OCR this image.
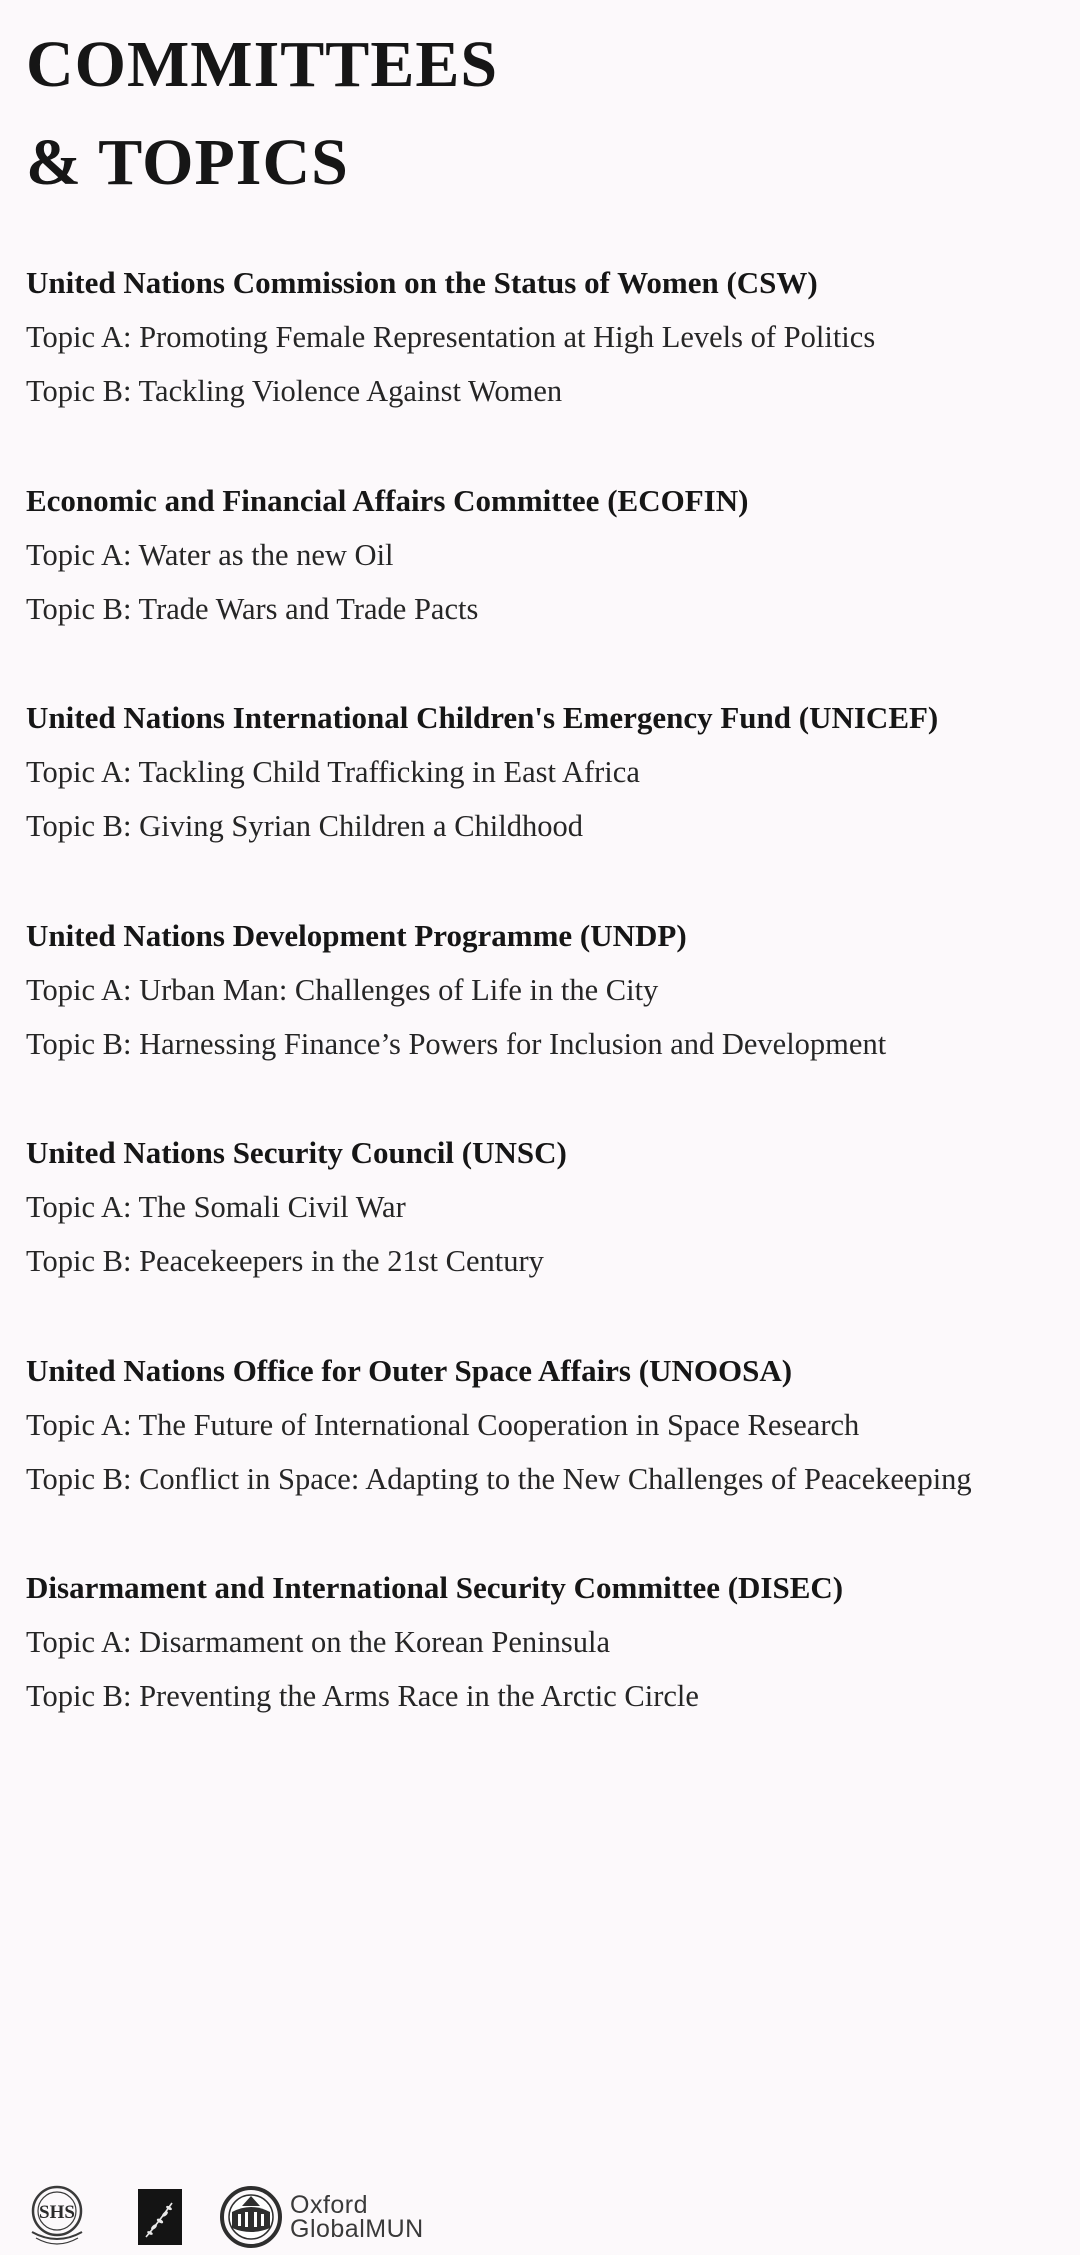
COMMITTEES
& TOPICS
United Nations Commission on the Status of Women (CSW)
Topic A: Promoting Female Representation at High Levels of Politics
Topic B: Tackling Violence Against Women
Economic and Financial Affairs Committee (ECOFIN)
Topic A: Water as the new Oil
Topic B: Trade Wars and Trade Pacts
United Nations International Children's Emergency Fund (UNICEF)
Topic A: Tackling Child Trafficking in East Africa
Topic B: Giving Syrian Children a Childhood
United Nations Development Programme (UNDP)
Topic A: Urban Man: Challenges of Life in the City
Topic B: Harnessing Finance’s Powers for Inclusion and Development
United Nations Security Council (UNSC)
Topic A: The Somali Civil War
Topic B: Peacekeepers in the 21st Century
United Nations Office for Outer Space Affairs (UNOOSA)
Topic A: The Future of International Cooperation in Space Research
Topic B: Conflict in Space: Adapting to the New Challenges of Peacekeeping
Disarmament and International Security Committee (DISEC)
Topic A: Disarmament on the Korean Peninsula
Topic B: Preventing the Arms Race in the Arctic Circle
SHS	Oxford
GlobalMUN
